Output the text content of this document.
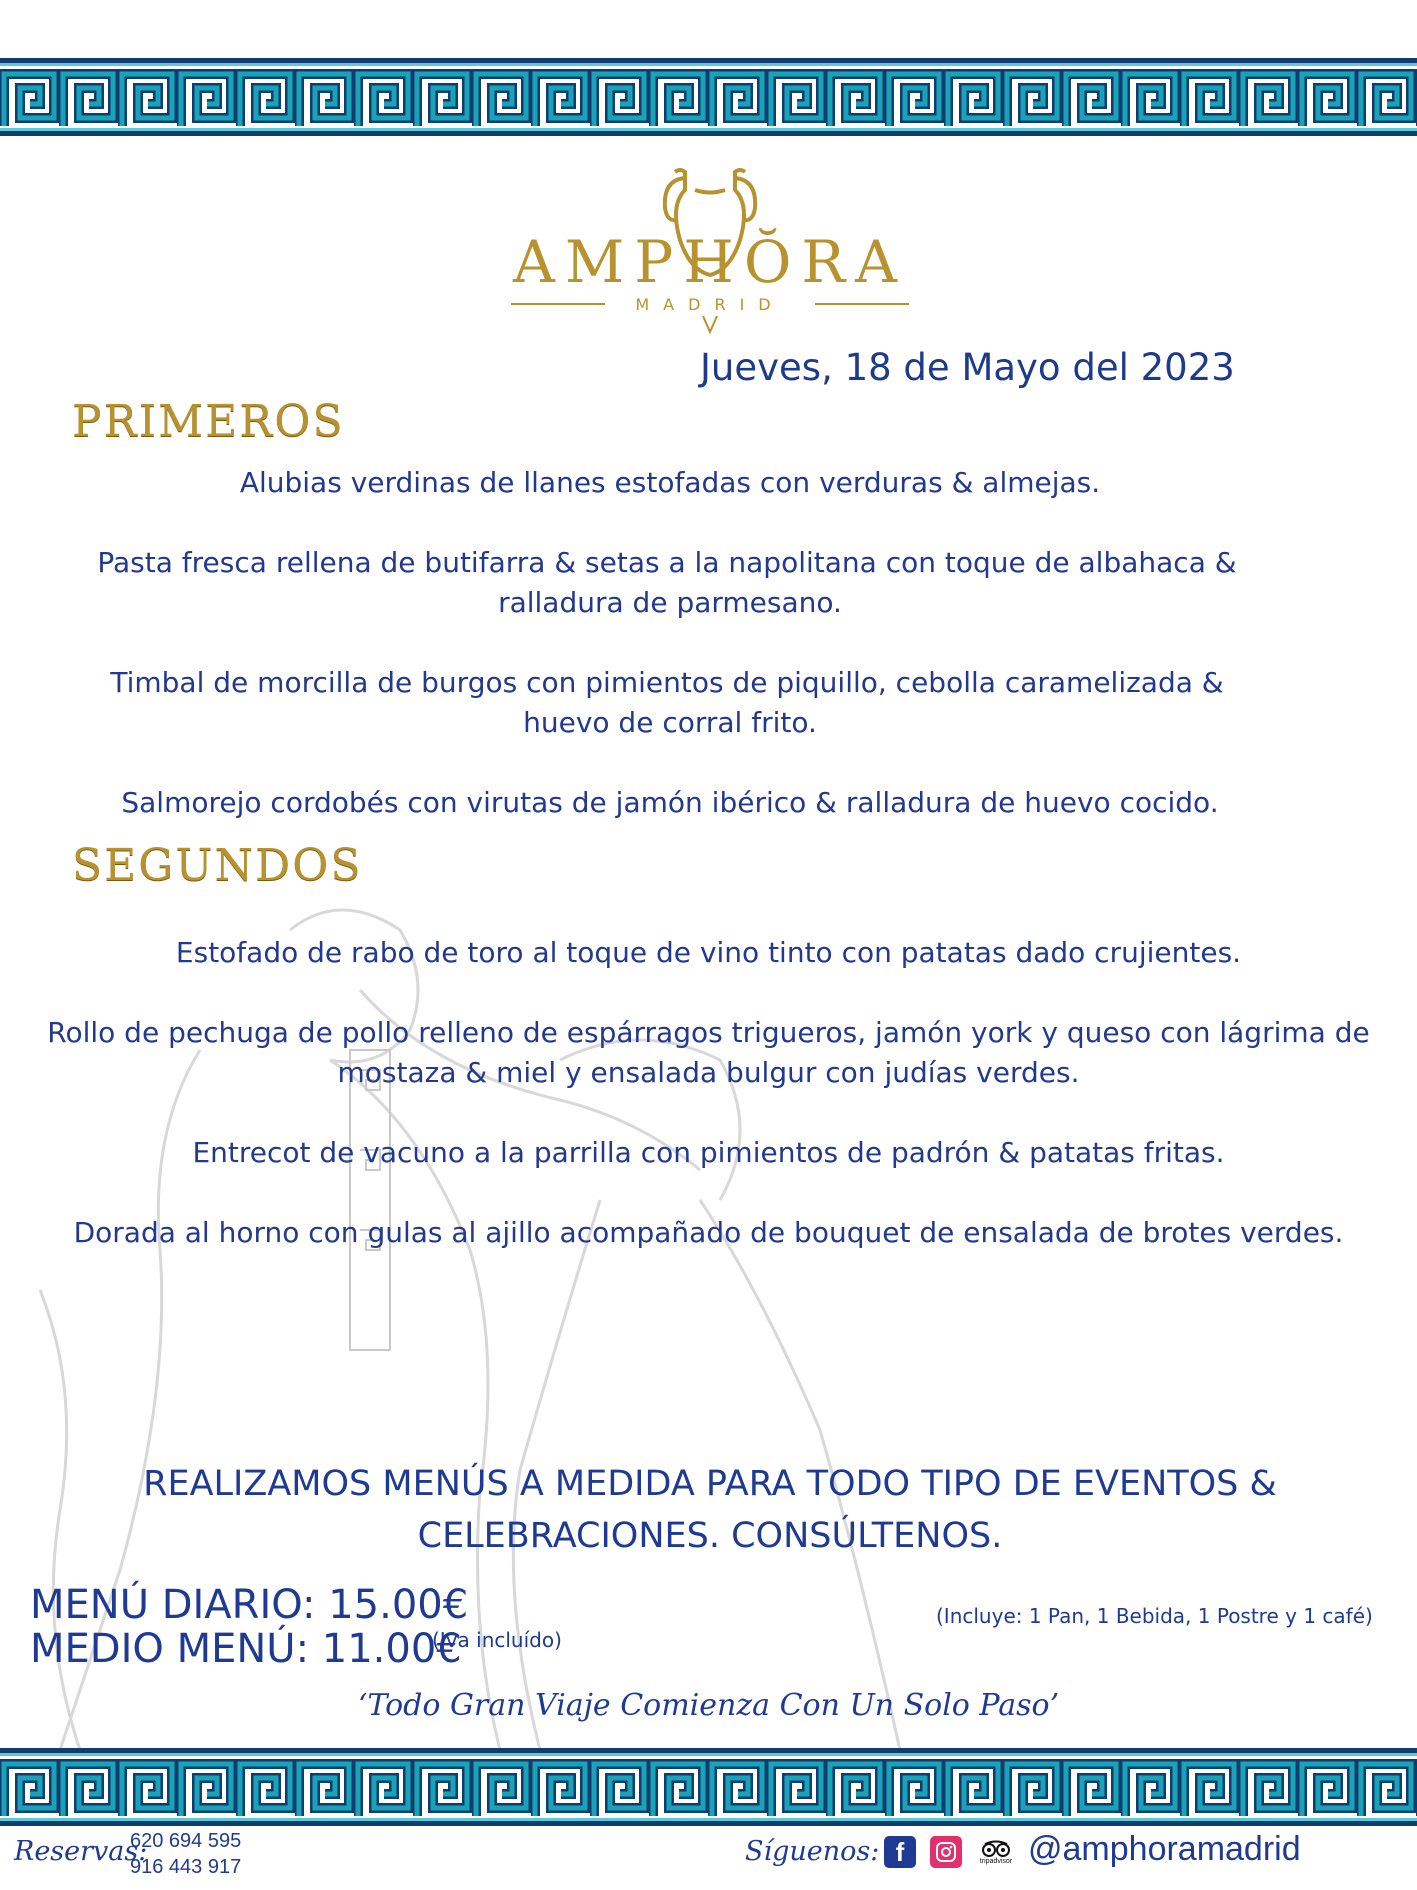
AMPHŎRA
MADRID
Jueves, 18 de Mayo del 2023
PRIMEROS
Alubias verdinas de llanes estofadas con verduras & almejas.
Pasta fresca rellena de butifarra & setas a la napolitana con toque de albahaca &
ralladura de parmesano.
Timbal de morcilla de burgos con pimientos de piquillo, cebolla caramelizada &
huevo de corral frito.
Salmorejo cordobés con virutas de jamón ibérico & ralladura de huevo cocido.
SEGUNDOS
Estofado de rabo de toro al toque de vino tinto con patatas dado crujientes.
Rollo de pechuga de pollo relleno de espárragos trigueros, jamón york y queso con lágrima de
mostaza & miel y ensalada bulgur con judías verdes.
Entrecot de vacuno a la parrilla con pimientos de padrón & patatas fritas.
Dorada al horno con gulas al ajillo acompañado de bouquet de ensalada de brotes verdes.
REALIZAMOS MENÚS A MEDIDA PARA TODO TIPO DE EVENTOS &
CELEBRACIONES. CONSÚLTENOS.
MENÚ DIARIO: 15.00€
MEDIO MENÚ: 11.00€
(Iva incluído)
(Incluye: 1 Pan, 1 Bebida, 1 Postre y 1 café)
‘Todo Gran Viaje Comienza Con Un Solo Paso’
Reservas:
620 694 595
916 443 917	Síguenos: f	tripadvisor @amphoramadrid
